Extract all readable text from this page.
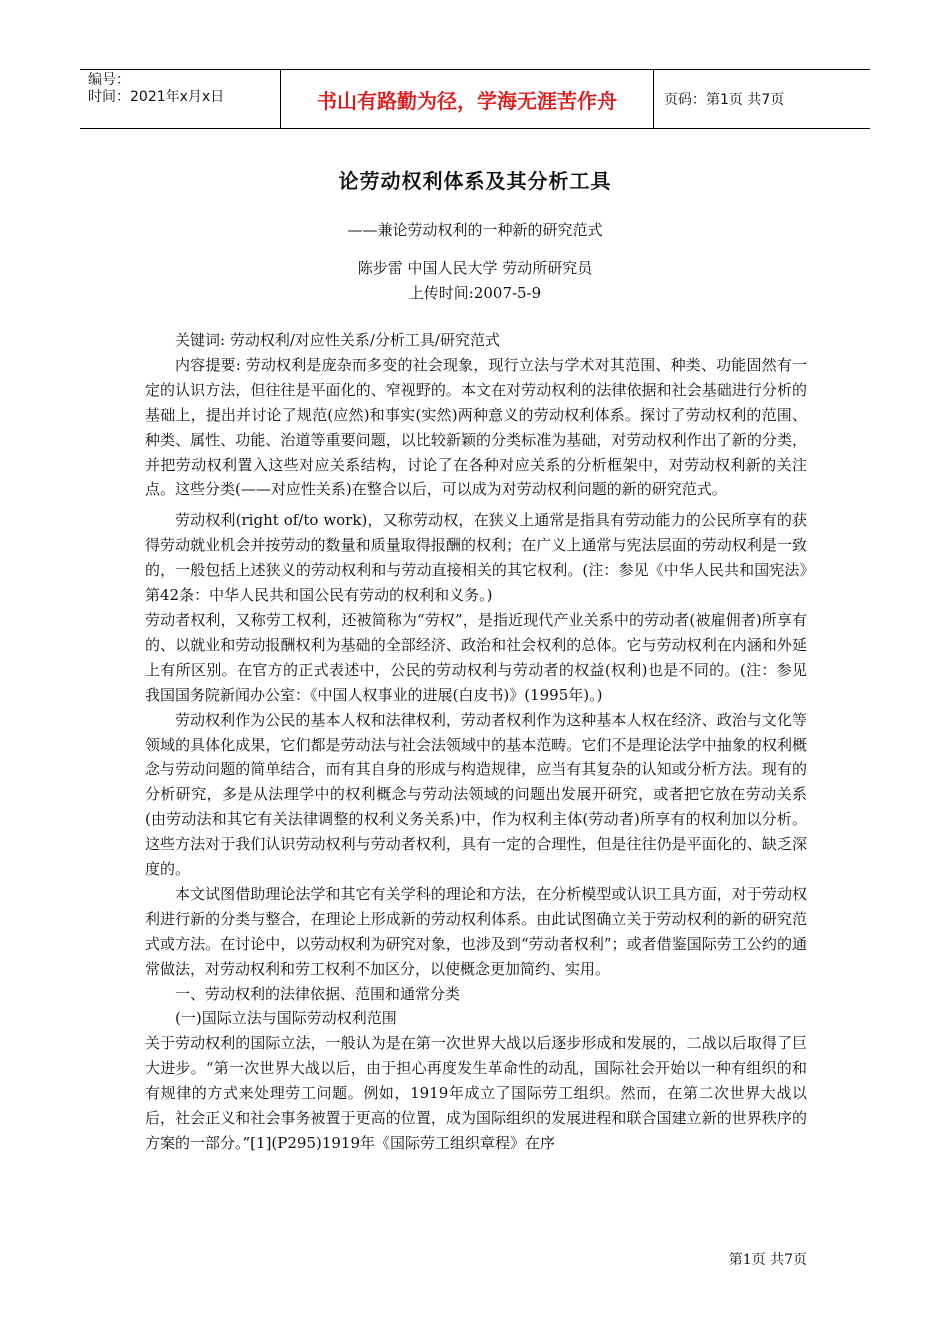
编号：
时间：2021年x月x日	书山有路勤为径，学海无涯苦作舟	页码：第1页 共7页
论劳动权利体系及其分析工具
——兼论劳动权利的一种新的研究范式
陈步雷 中国人民大学 劳动所研究员
上传时间:2007-5-9

关键词: 劳动权利/对应性关系/分析工具/研究范式

内容提要: 劳动权利是庞杂而多变的社会现象，现行立法与学术对其范围、种类、功能固然有一定的认识方法，但往往是平面化的、窄视野的。本文在对劳动权利的法律依据和社会基础进行分析的基础上，提出并讨论了规范(应然)和事实(实然)两种意义的劳动权利体系。探讨了劳动权利的范围、种类、属性、功能、治道等重要问题，以比较新颖的分类标准为基础，对劳动权利作出了新的分类，并把劳动权利置入这些对应关系结构，讨论了在各种对应关系的分析框架中，对劳动权利新的关注点。这些分类(——对应性关系)在整合以后，可以成为对劳动权利问题的新的研究范式。

劳动权利(right of/to work)，又称劳动权，在狭义上通常是指具有劳动能力的公民所享有的获得劳动就业机会并按劳动的数量和质量取得报酬的权利；在广义上通常与宪法层面的劳动权利是一致的，一般包括上述狭义的劳动权利和与劳动直接相关的其它权利。(注：参见《中华人民共和国宪法》第42条：中华人民共和国公民有劳动的权利和义务。)

劳动者权利，又称劳工权利，还被简称为“劳权”，是指近现代产业关系中的劳动者(被雇佣者)所享有的、以就业和劳动报酬权利为基础的全部经济、政治和社会权利的总体。它与劳动权利在内涵和外延上有所区别。在官方的正式表述中，公民的劳动权利与劳动者的权益(权利)也是不同的。(注：参见我国国务院新闻办公室：《中国人权事业的进展(白皮书)》(1995年)。)

劳动权利作为公民的基本人权和法律权利，劳动者权利作为这种基本人权在经济、政治与文化等领域的具体化成果，它们都是劳动法与社会法领域中的基本范畴。它们不是理论法学中抽象的权利概念与劳动问题的简单结合，而有其自身的形成与构造规律，应当有其复杂的认知或分析方法。现有的分析研究，多是从法理学中的权利概念与劳动法领域的问题出发展开研究，或者把它放在劳动关系(由劳动法和其它有关法律调整的权利义务关系)中，作为权利主体(劳动者)所享有的权利加以分析。这些方法对于我们认识劳动权利与劳动者权利，具有一定的合理性，但是往往仍是平面化的、缺乏深度的。

本文试图借助理论法学和其它有关学科的理论和方法，在分析模型或认识工具方面，对于劳动权利进行新的分类与整合，在理论上形成新的劳动权利体系。由此试图确立关于劳动权利的新的研究范式或方法。在讨论中，以劳动权利为研究对象，也涉及到“劳动者权利”；或者借鉴国际劳工公约的通常做法，对劳动权利和劳工权利不加区分，以使概念更加简约、实用。

一、劳动权利的法律依据、范围和通常分类

(一)国际立法与国际劳动权利范围

关于劳动权利的国际立法，一般认为是在第一次世界大战以后逐步形成和发展的，二战以后取得了巨大进步。“第一次世界大战以后，由于担心再度发生革命性的动乱，国际社会开始以一种有组织的和有规律的方式来处理劳工问题。例如，1919年成立了国际劳工组织。然而，在第二次世界大战以后，社会正义和社会事务被置于更高的位置，成为国际组织的发展进程和联合国建立新的世界秩序的方案的一部分。”[1](P295)1919年《国际劳工组织章程》在序

第1页 共7页
